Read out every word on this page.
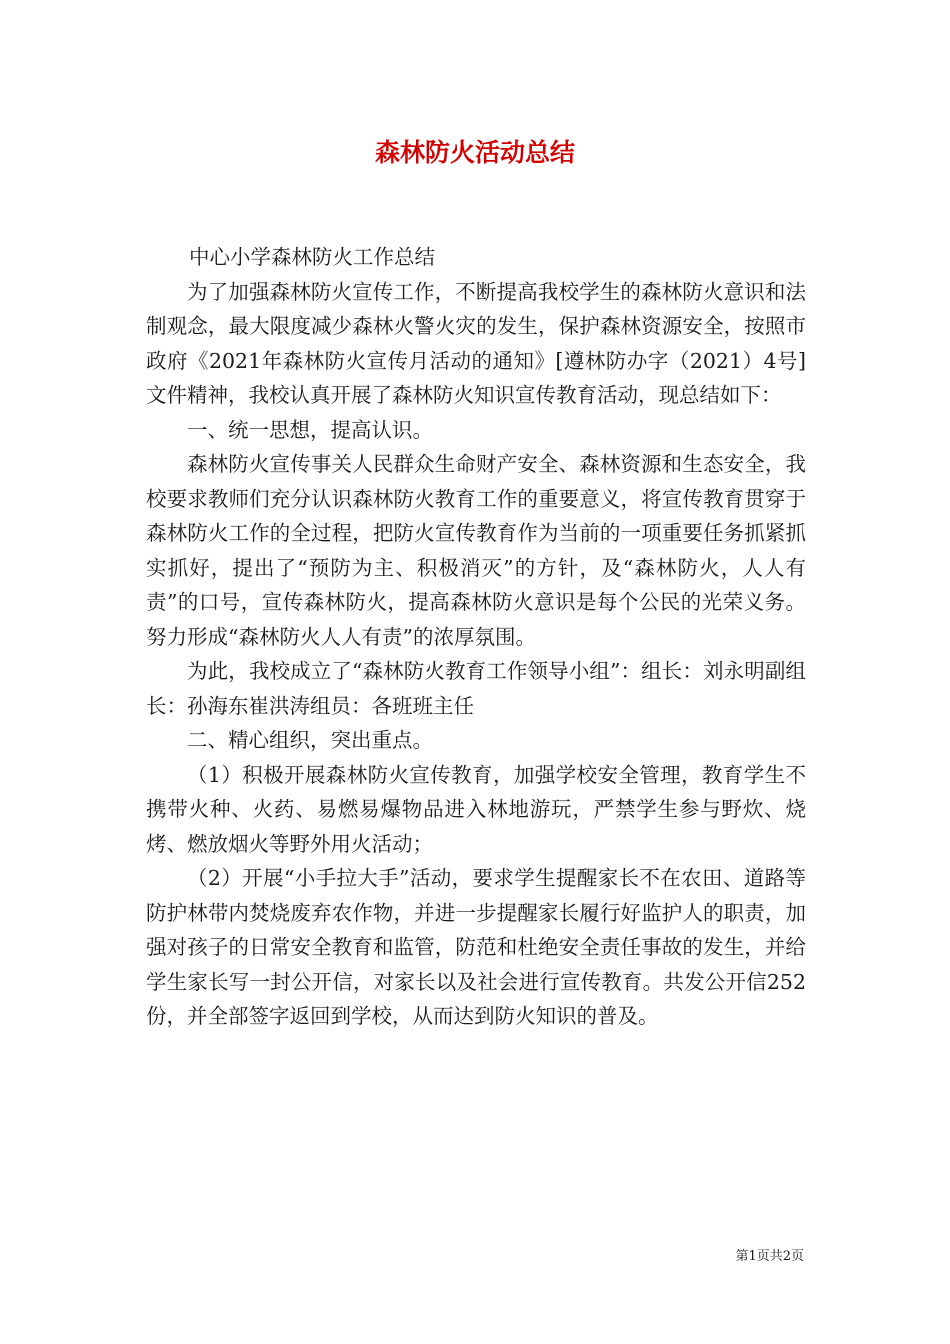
森林防火活动总结

中心小学森林防火工作总结

为了加强森林防火宣传工作，不断提高我校学生的森林防火意识和法制观念，最大限度减少森林火警火灾的发生，保护森林资源安全，按照市政府《2021年森林防火宣传月活动的通知》[遵林防办字（2021）4号]文件精神，我校认真开展了森林防火知识宣传教育活动，现总结如下：

一、统一思想，提高认识。

森林防火宣传事关人民群众生命财产安全、森林资源和生态安全，我校要求教师们充分认识森林防火教育工作的重要意义，将宣传教育贯穿于森林防火工作的全过程，把防火宣传教育作为当前的一项重要任务抓紧抓实抓好，提出了“预防为主、积极消灭”的方针，及“森林防火，人人有责”的口号，宣传森林防火，提高森林防火意识是每个公民的光荣义务。努力形成“森林防火人人有责”的浓厚氛围。

为此，我校成立了“森林防火教育工作领导小组”：组长：刘永明副组长：孙海东崔洪涛组员：各班班主任

二、精心组织，突出重点。

（1）积极开展森林防火宣传教育，加强学校安全管理，教育学生不携带火种、火药、易燃易爆物品进入林地游玩，严禁学生参与野炊、烧烤、燃放烟火等野外用火活动；

（2）开展“小手拉大手”活动，要求学生提醒家长不在农田、道路等防护林带内焚烧废弃农作物，并进一步提醒家长履行好监护人的职责，加强对孩子的日常安全教育和监管，防范和杜绝安全责任事故的发生，并给学生家长写一封公开信，对家长以及社会进行宣传教育。共发公开信252份，并全部签字返回到学校，从而达到防火知识的普及。

第1页共2页
